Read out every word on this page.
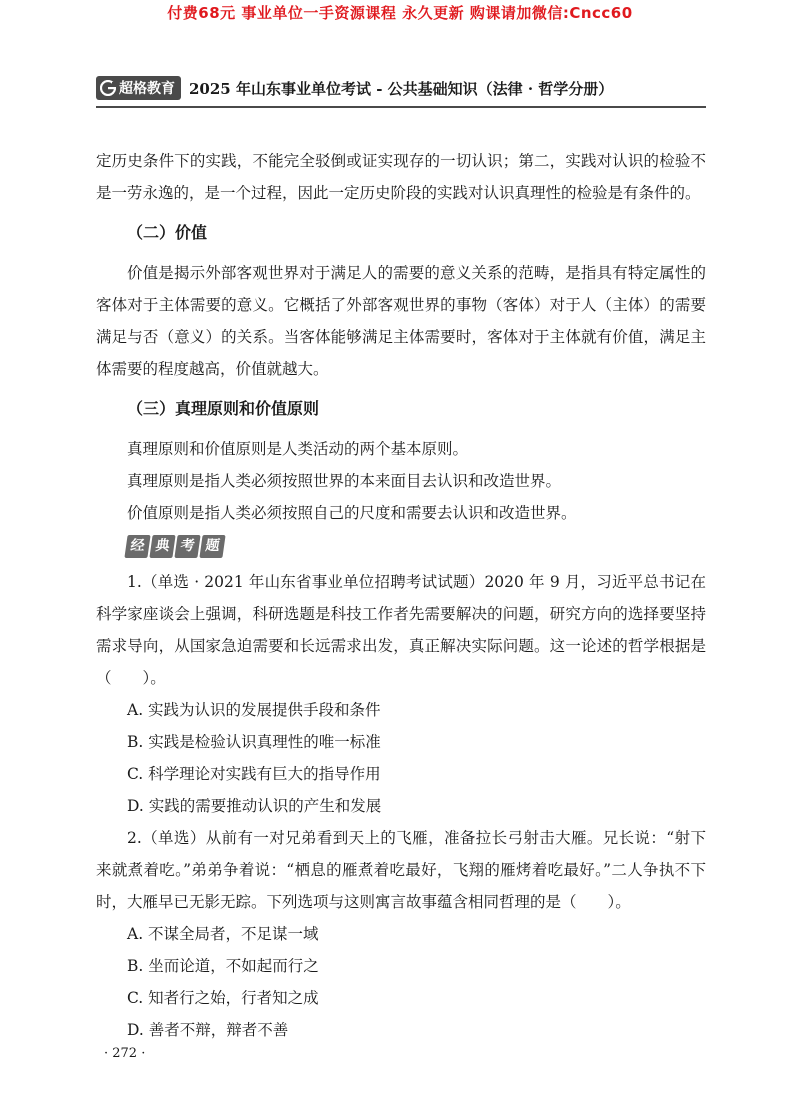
付费68元 事业单位一手资源课程 永久更新 购课请加微信:Cncc60
超格教育 2025 年山东事业单位考试 - 公共基础知识（法律 · 哲学分册）

定历史条件下的实践，不能完全驳倒或证实现存的一切认识；第二，实践对认识的检验不是一劳永逸的，是一个过程，因此一定历史阶段的实践对认识真理性的检验是有条件的。

（二）价值

价值是揭示外部客观世界对于满足人的需要的意义关系的范畴，是指具有特定属性的客体对于主体需要的意义。它概括了外部客观世界的事物（客体）对于人（主体）的需要满足与否（意义）的关系。当客体能够满足主体需要时，客体对于主体就有价值，满足主体需要的程度越高，价值就越大。

（三）真理原则和价值原则

真理原则和价值原则是人类活动的两个基本原则。

真理原则是指人类必须按照世界的本来面目去认识和改造世界。

价值原则是指人类必须按照自己的尺度和需要去认识和改造世界。

经 典 考 题

1.（单选 · 2021 年山东省事业单位招聘考试试题）2020 年 9 月，习近平总书记在科学家座谈会上强调，科研选题是科技工作者先需要解决的问题，研究方向的选择要坚持需求导向，从国家急迫需要和长远需求出发，真正解决实际问题。这一论述的哲学根据是（　　）。

A. 实践为认识的发展提供手段和条件

B. 实践是检验认识真理性的唯一标准

C. 科学理论对实践有巨大的指导作用

D. 实践的需要推动认识的产生和发展

2.（单选）从前有一对兄弟看到天上的飞雁，准备拉长弓射击大雁。兄长说：“射下来就煮着吃。”弟弟争着说：“栖息的雁煮着吃最好，飞翔的雁烤着吃最好。”二人争执不下时，大雁早已无影无踪。下列选项与这则寓言故事蕴含相同哲理的是（　　）。

A. 不谋全局者，不足谋一域

B. 坐而论道，不如起而行之

C. 知者行之始，行者知之成

D. 善者不辩，辩者不善

· 272 ·
